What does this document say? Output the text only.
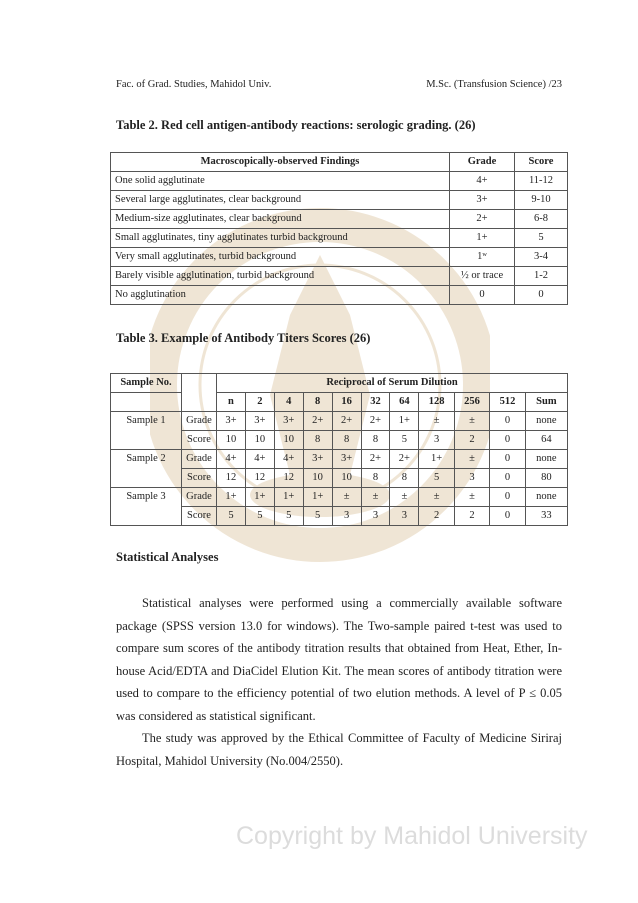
Fac. of Grad. Studies, Mahidol Univ.	M.Sc. (Transfusion Science) /23
Table 2. Red cell antigen-antibody reactions: serologic grading. (26)
Macroscopically-observed Findings	Grade	Score
One solid agglutinate	4+	11-12
Several large agglutinates, clear background	3+	9-10
Medium-size agglutinates, clear background	2+	6-8
Small agglutinates, tiny agglutinates turbid background	1+	5
Very small agglutinates, turbid background	1ʷ	3-4
Barely visible agglutination, turbid background	½ or trace	1-2
No agglutination	0	0
Table 3. Example of Antibody Titers Scores (26)
Sample No.		Reciprocal of Serum Dilution										
		n	2	4	8	16	32	64	128	256	512	Sum
Sample 1	Grade	3+	3+	3+	2+	2+	2+	1+	±	±	0	none
	Score	10	10	10	8	8	8	5	3	2	0	64
Sample 2	Grade	4+	4+	4+	3+	3+	2+	2+	1+	±	0	none
	Score	12	12	12	10	10	8	8	5	3	0	80
Sample 3	Grade	1+	1+	1+	1+	±	±	±	±	±	0	none
	Score	5	5	5	5	3	3	3	2	2	0	33
Statistical Analyses

Statistical analyses were performed using a commercially available software package (SPSS version 13.0 for windows). The Two-sample paired t-test was used to compare sum scores of the antibody titration results that obtained from Heat, Ether, In-house Acid/EDTA and DiaCidel Elution Kit. The mean scores of antibody titration were used to compare to the efficiency potential of two elution methods. A level of P ≤ 0.05 was considered as statistical significant.

The study was approved by the Ethical Committee of Faculty of Medicine Siriraj Hospital, Mahidol University (No.004/2550).

Copyright by Mahidol University
